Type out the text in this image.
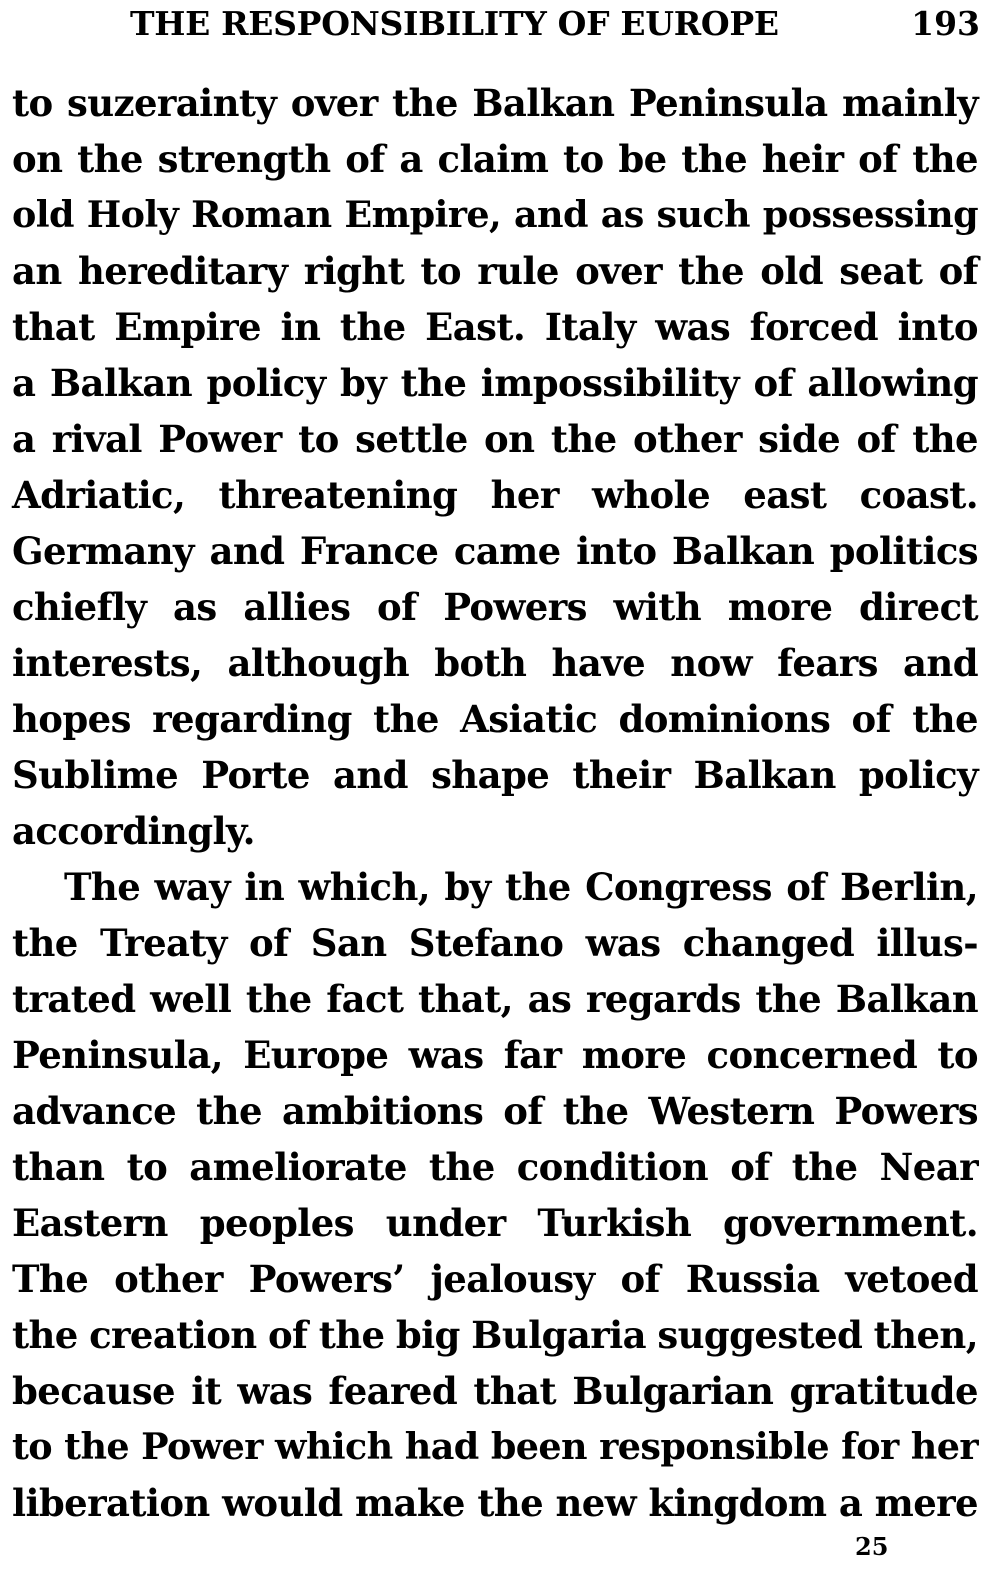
THE RESPONSIBILITY OF EUROPE	193
to suzerainty over the Balkan Peninsula mainly
on the strength of a claim to be the heir of the
old Holy Roman Empire, and as such possessing
an hereditary right to rule over the old seat of
that Empire in the East. Italy was forced into
a Balkan policy by the impossibility of allowing
a rival Power to settle on the other side of the
Adriatic, threatening her whole east coast.
Germany and France came into Balkan politics
chiefly as allies of Powers with more direct
interests, although both have now fears and
hopes regarding the Asiatic dominions of the
Sublime Porte and shape their Balkan policy
accordingly.
The way in which, by the Congress of Berlin,
the Treaty of San Stefano was changed illus-
trated well the fact that, as regards the Balkan
Peninsula, Europe was far more concerned to
advance the ambitions of the Western Powers
than to ameliorate the condition of the Near
Eastern peoples under Turkish government.
The other Powers’ jealousy of Russia vetoed
the creation of the big Bulgaria suggested then,
because it was feared that Bulgarian gratitude
to the Power which had been responsible for her
liberation would make the new kingdom a mere
25
